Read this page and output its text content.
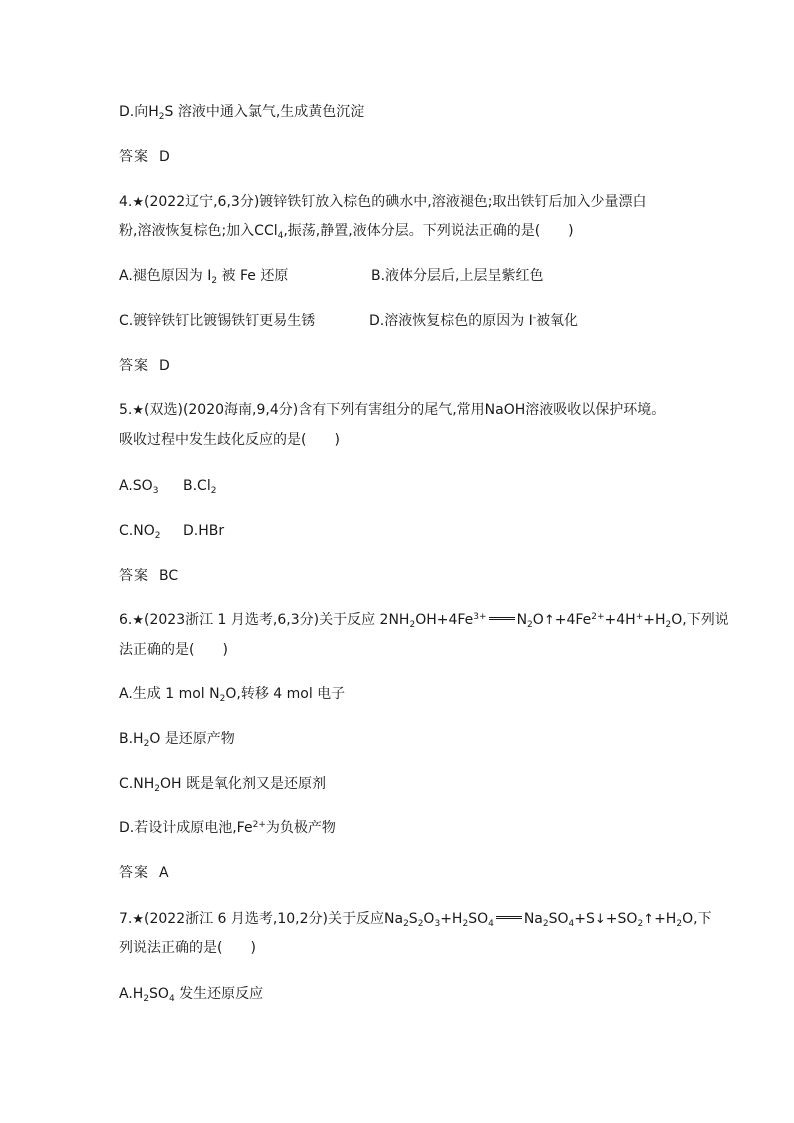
D.向$H_2S$ 溶液中通入氯气,生成黄色沉淀
答案 D
4.★(2022辽宁,6,3分)镀锌铁钉放入棕色的碘水中,溶液褪色;取出铁钉后加入少量漂白
粉,溶液恢复棕色;加入CCl$_4$,振荡,静置,液体分层。下列说法正确的是(　　)
A.褪色原因为 $I_2$ 被 Fe 还原	B.液体分层后,上层呈紫红色
C.镀锌铁钉比镀锡铁钉更易生锈	D.溶液恢复棕色的原因为 I-被氧化
答案 D
5.★(双选)(2020海南,9,4分)含有下列有害组分的尾气,常用NaOH溶液吸收以保护环境。
吸收过程中发生歧化反应的是(　　)
$A.SO_3$ $B.Cl_2$
$C.NO_2$ D.HBr
答案 BC
6.★(2023浙江 1 月选考,6,3分)关于反应 $2NH_2OH+4Fe^{3+}$ $N_2O↑+4Fe^{2+}+4H^++H_2O$,下列说
法正确的是(　　)
A.生成 1 mol $N_2O$,转移 4 mol 电子
$B.H_2O$ 是还原产物
$C.NH_2OH$ 既是氧化剂又是还原剂
D.若设计成原电池$,Fe^{2+}$为负极产物
答案 A
7.★(2022浙江 6 月选考,10,2分)关于反应$Na_2S_2O_3+H_2SO_4$ $Na_2SO_4+S↓+SO_2↑+H_2O$,下
列说法正确的是(　　)
$A.H_2SO_4$ 发生还原反应
